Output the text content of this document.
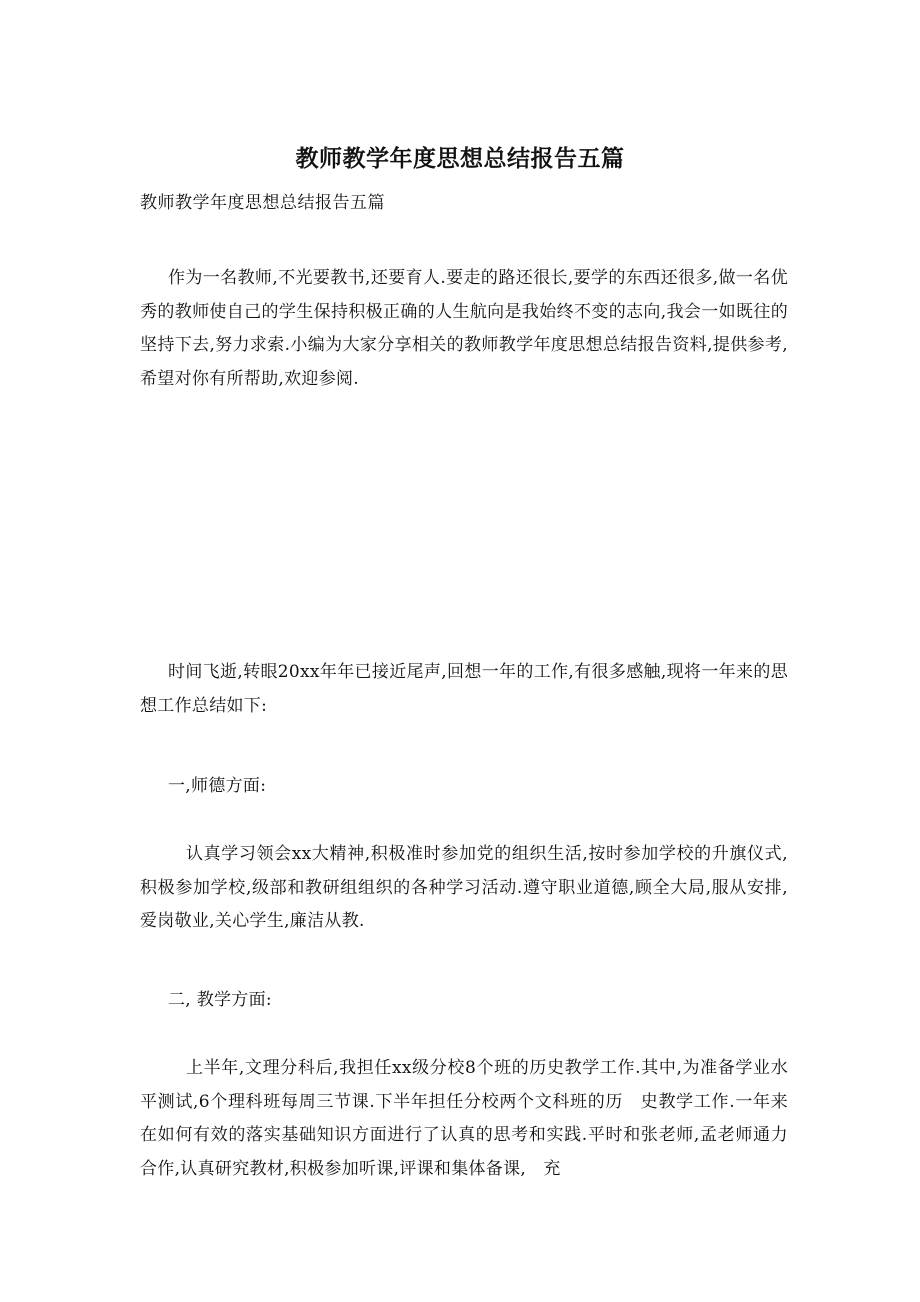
教师教学年度思想总结报告五篇
教师教学年度思想总结报告五篇

作为一名教师,不光要教书,还要育人.要走的路还很长,要学的东西还很多,做一名优秀的教师使自己的学生保持积极正确的人生航向是我始终不变的志向,我会一如既往的坚持下去,努力求索.小编为大家分享相关的教师教学年度思想总结报告资料,提供参考,希望对你有所帮助,欢迎参阅.

时间飞逝,转眼20xx年年已接近尾声,回想一年的工作,有很多感触,现将一年来的思想工作总结如下:

一,师德方面:

认真学习领会xx大精神,积极准时参加党的组织生活,按时参加学校的升旗仪式,积极参加学校,级部和教研组组织的各种学习活动.遵守职业道德,顾全大局,服从安排,爱岗敬业,关心学生,廉洁从教.

二, 教学方面:

上半年,文理分科后,我担任xx级分校8个班的历史教学工作.其中,为准备学业水平测试,6个理科班每周三节课.下半年担任分校两个文科班的历　史教学工作.一年来在如何有效的落实基础知识方面进行了认真的思考和实践.平时和张老师,孟老师通力合作,认真研究教材,积极参加听课,评课和集体备课,　充
